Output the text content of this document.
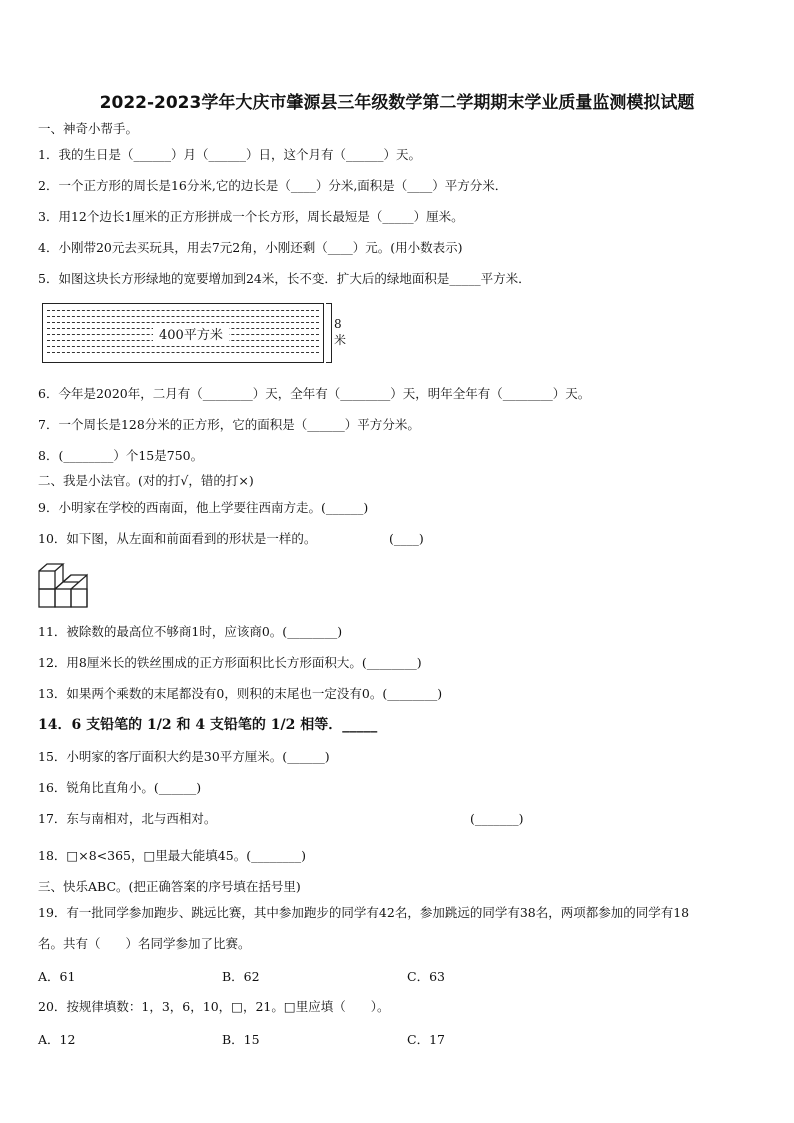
2022-2023学年大庆市肇源县三年级数学第二学期期末学业质量监测模拟试题
一、神奇小帮手。
1．我的生日是（______）月（______）日，这个月有（______）天。
2．一个正方形的周长是16分米,它的边长是（____）分米,面积是（____）平方分米．
3．用12个边长1厘米的正方形拼成一个长方形，周长最短是（_____）厘米。
4．小刚带20元去买玩具，用去7元2角，小刚还剩（____）元。(用小数表示)
5．如图这块长方形绿地的宽要增加到24米，长不变．扩大后的绿地面积是_____平方米．
400平方米
8米
6．今年是2020年，二月有（________）天，全年有（________）天，明年全年有（________）天。
7．一个周长是128分米的正方形，它的面积是（______）平方分米。
8．(________）个15是750。
二、我是小法官。(对的打√，错的打×)
9．小明家在学校的西南面，他上学要往西南方走。(______)
10．如下图，从左面和前面看到的形状是一样的。	(____)
11．被除数的最高位不够商1时，应该商0。(________)
12．用8厘米长的铁丝围成的正方形面积比长方形面积大。(________)
13．如果两个乘数的末尾都没有0，则积的末尾也一定没有0。(________)
14．6 支铅笔的 1/2 和 4 支铅笔的 1/2 相等．_____
15．小明家的客厅面积大约是30平方厘米。(______)
16．锐角比直角小。(______)
17．东与南相对，北与西相对。	(_______)
18．□×8<365，□里最大能填45。(________)
三、快乐ABC。(把正确答案的序号填在括号里)
19．有一批同学参加跑步、跳远比赛，其中参加跑步的同学有42名，参加跳远的同学有38名，两项都参加的同学有18
名。共有（　　）名同学参加了比赛。
A．61	B．62	C．63
20．按规律填数：1，3，6，10，□，21。□里应填（　　）。
A．12	B．15	C．17
